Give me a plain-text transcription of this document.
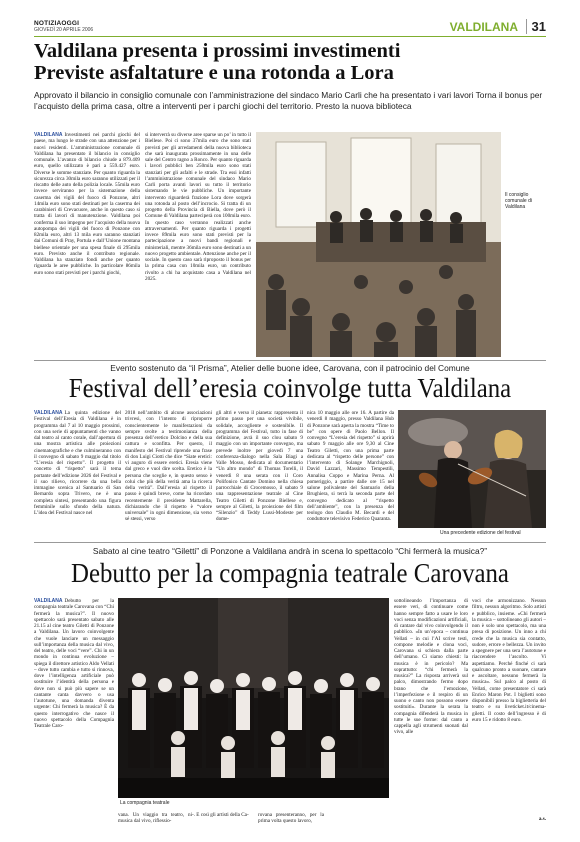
NOTIZIAOGGI
GIOVEDÌ 20 APRILE 2006	VALDILANA	31
Valdilana presenta i prossimi investimenti
Previste asfaltature e una rotonda a Lora
Approvato il bilancio in consiglio comunale con l’amministrazione del sindaco Mario Carli che ha presentato i vari lavori Torna il bonus per l’acquisto della prima casa, oltre a interventi per i parchi giochi del territorio. Presto la nuova biblioteca
VALDILANA Investimenti nei parchi giochi del paese, ma lungo le strade con una attenzione per i nuovi residenti. L’amministrazione comunale di Valdilana ha presentato il bilancio in consiglio comunale. L’avanzo di bilancio chiude a 879.409 euro, quello utilizzato è pari a 559.427 euro. Diverse le somme stanziate. Per quanto riguarda la sicurezza circa 30mila euro saranno utilizzati per il riscatto delle auto della polizia locale. 55mila euro invece serviranno per la sistemazione della caserma dei vigili del fuoco di Ponzone, altri 14mila euro sono stati destinati per la caserma dei carabinieri di Crevacuore, anche in questo caso si tratta di lavori di manutenzione. Valdilana poi conferma il suo impegno per l’acquisto della nuova autopompa dei vigili del fuoco di Ponzone con 82mila euro, altri 13 mila euro saranno stanziati dai Comuni di Pray, Portula e dall’Unione montana biellese orientale per una spesa finale di 295mila euro. Previsto anche il contributo regionale. Valdilana ha stanziato fondi anche per quanto riguarda le aree pubbliche. In particolare 86mila euro sono stati previsti per i parchi giochi,
si interverrà su diverse aree sparse un po’ in tutto il Biellese. Poi ci sono 37mila euro che sono stati previsti per gli arredamenti della nuova biblioteca che sarà inaugurata prossimamente in una delle sale del Centro ragno a Ronco. Per quanto riguarda i lavori pubblici ben 250mila euro sono stati stanziati per gli asfalti e le strade. Tra essi infatti l’amministrazione comunale del sindaco Mario Carli porta avanti lavori su tutto il territorio sistemando le vie pubbliche. Un importante intervento riguarderà frazione Lora dove sorgerà una rotonda al posto dell’incrocio. Si tratta di un progetto della Provincia di Biella, dove però il Comune di Valdilana parteciperà con 100mila euro. In questo caso verranno realizzati anche attraversamenti. Per quanto riguarda i progetti invece 89mila euro sono stati previsti per la partecipazione a nuovi bandi regionali e ministeriali, mentre 36mila euro sono destinati a un nuovo progetto ambientale. Attenzione anche per il sociale. In questo caso sarà riproposto il bonus per la prima casa con 10mila euro, un contributo rivolto a chi ha acquistato casa a Valdilana nel 2025.
Il consiglio comunale di Valdilana
Evento sostenuto da “il Prisma”, Atelier delle buone idee, Carovana, con il patrocinio del Comune
Festival dell’eresia coinvolge tutta Valdilana
VALDILANA La quinta edizione del Festival dell’Eresia di Valdilana è in programma dal 7 al 10 maggio prossimi, con una serie di appuntamenti che vanno dal teatro al canto corale, dall’apertura di una mostra artistica alle proiezioni cinematografiche e che culmineranno con il convegno di sabato 9 maggio dal titolo “L’eresia del rispetto”. Il progetto il concetto di “rispetto” sarà il tema portante dell’edizione 2026 del Festival e il suo rilievo, ricorrere da una bella immagine scenica al Santuario di San Bernardo sopra Trivero, ne è una completa sintesi, presentando una figura femminile sullo sfondo della natura. L’idea del Festival nasce nel
2018 nell’ambito di alcune associazioni trivresi, con l’intento di riproporre conscientemente le manifestazioni da sempre svolte a testimonianza della presenza dell’eretico Dolcino e della sua cattura e sconfitta. Per questo, il manifesto del Festival riprende una frase di don Luigi Ciotti che dice “Siate eretici: vi auguro di essere eretici. Eresia viene dal greco e vuol dire scelta. Eretico è la persona che sceglie e, in questo senso è colui che più della verità ama la ricerca della verità”. Dall’eresia al rispetto il passo è quindi breve, come ha ricordato recentemente il presidente Mattarella, dichiarando che il rispetto è “valore universale” in ogni dimensione, sia verso sé stessi, verso
gli altri e verso il pianeta: rappresenta il primo passo per una società vivibile, solidale, accogliente e sostenibile. Il programma del Festival, tutto in fase di definizione, avrà il suo clou sabato 9 maggio con un importante convegno, ma prevede inoltre per giovedì 7 una conferenza-dialogo nella Sala Biagi a Valle Mosso, dedicata al documentario “Un altro mondo” di Thomas Torelli, il venerdì 8 una serata con il Coro Polifonico Cantate Domino nella chiesa parrocchiale di Crocemosso, il sabato 9 una rappresentazione teatrale al Cine Teatro Giletti di Ponzone Biellese e, sempre al Giletti, la proiezione del film “Silenzio” di Teddy Lussi-Modeste per dome-
nica 10 maggio alle ore 16. A partire da venerdì 8 maggio, presso Valdilana Hub di Ponzone sarà aperta la mostra “Time to be” con opere di Paolo Bellon. Il convegno “L’eresia del rispetto” si aprirà sabato 9 maggio alle ore 9,30 al Cine Teatro Giletti, con una prima parte dedicata al “rispetto delle persone” con l’intervento di Solange Marchignoli, David Lazzari, Massimo Tempestili, Annalisa Coppo e Marina Perna. Al pomeriggio, a partire dalle ore 15 nel salone polivalente del Santuario della Brughiera, si terrà la seconda parte del convegno dedicato al “rispetto dell’ambiente”, con la presenza del teologo don Claudio M. Becardi e del conduttore televisivo Federico Quaranta.
Una precedente edizione del festival
Sabato al cine teatro “Giletti” di Ponzone a Valdilana andrà in scena lo spettacolo “Chi fermerà la musica?”
Debutto per la compagnia teatrale Carovana
VALDILANA Debutto per la compagnia teatrale Carovana con “Chi fermerà la musica?”. Il nuovo spettacolo sarà presentato sabato alle 21.15 al cine teatro Giletti di Ponzone a Valdilana. Un lavoro coinvolgente che vuole lanciare un messaggio sull’importanza della musica dal vivo, del teatro, delle voci “vere”. Chi in un mondo in continua evoluzione – spiega il direttore artistico Aldo Vellati – dove tutto cambia e tutto si rinnova, dove l’intelligenza artificiale può sostituire l’identità della persona e dove non si può più sapere se un cantante canta davvero o usa l’autotune, una domanda diventa urgente: Chi fermerà la musica? È da questo interrogativo che nasce il nuovo spettacolo della Compagnia Teatrale Caro-
La compagnia teatrale
vana. Un viaggio tra teatro, musica dal vivo, riflessio-
ni-. E così gli artisti della Ca-	rovana presenteranno, per la prima volta questo lavoro,
sottolineando l’importanza di essere veri, di continuare come hanno sempre fatto a usare le loro voci senza modificazioni artificiali, di cantare dal vivo coinvolgendo il pubblico. «In un’epoca – continua Vellati – in cui l’AI scrive testi, compone melodie e clona voci, Carovana si schiera dalla parte dell’umano. Ci siamo chiesti: la musica è in pericolo? Ma soprattutto: “chi fermerà la musica?” La risposta arriverà sul palco, dimostrando fermo dopo brano che l’emozione, l’imperfezione e il respiro di un suono e canto non possono essere sostituiti». Durante la serata la compagnia difenderà la musica in tutte le sue forme: dal canto a cappella agli strumenti suonati dal vivo, alle
voci che armonizzano. Nessun filtro, nessun algoritmo. Solo artisti e pubblico, insieme. «Chi fermerà la musica – sottolineano gli autori – non è solo uno spettacolo, ma una presa di posizione. Un inno a chi crede che la musica sia contatto, sudore, errore e bellezza. Un invito a spegnere per una sera l’autotune e riaccendere l’ascolto. Vi aspettiamo. Perché finché ci sarà qualcuno pronto a suonare, cantare e ascoltare, nessuno fermerà la musica». Sul palco al posto di Vellati, come presentatore ci sarà Enrico Maron Pot. I biglietti sono disponibili presso la biglietteria del teatro e su liveticket.it/cinema-giletti. Il costo dell’ingresso è di euro 15 e ridotto 8 euro.
a.s.
